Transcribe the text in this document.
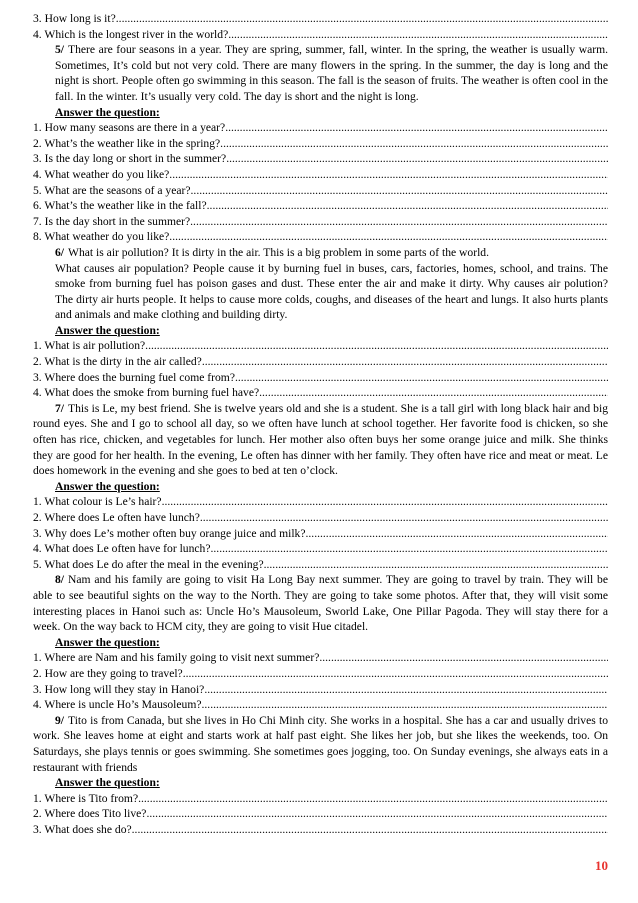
3. How long is it? .....
4. Which is the longest river in the world? .....
5/ There are four seasons in a year. They are spring, summer, fall, winter. In the spring, the weather is usually warm. Sometimes, It’s cold but not very cold. There are many flowers in the spring. In the summer, the day is long and the night is short. People often go swimming in this season. The fall is the season of fruits. The weather is often cool in the fall. In the winter. It’s usually very cold. The day is short and the night is long.
Answer the question:
1. How many seasons are there in a year? .....
2. What’s the weather like in the spring? .....
3. Is the day long or short in the summer? .....
4. What weather do you like? .....
5. What are the seasons of a year? .....
6. What’s the weather like in the fall? .....
7. Is the day short in the summer? .....
8. What weather do you like? .....
6/ What is air pollution? It is dirty in the air. This is a big problem in some parts of the world.
What causes air population? People cause it by burning fuel in buses, cars, factories, homes, school, and trains. The smoke from burning fuel has poison gases and dust. These enter the air and make it dirty. Why causes air polution? The dirty air hurts people. It helps to cause more colds, coughs, and diseases of the heart and lungs. It also hurts plants and animals and make clothing and building dirty.
Answer the question:
1. What is air pollution? .....
2. What is the dirty in the air called? .....
3. Where does the burning fuel come from? .....
4. What does the smoke from burning fuel have? .....
7/ This is Le, my best friend. She is twelve years old and she is a student. She is a tall girl with long black hair and big round eyes. She and I go to school all day, so we often have lunch at school together. Her favorite food is chicken, so she often has rice, chicken, and vegetables for lunch. Her mother also often buys her some orange juice and milk. She thinks they are good for her health. In the evening, Le often has dinner with her family. They often have rice and meat or meat. Le does homework in the evening and she goes to bed at ten o’clock.
Answer the question:
1. What colour is Le’s hair? .....
2. Where does Le often have lunch? .....
3. Why does Le’s mother often buy orange juice and milk? .....
4. What does Le often have for lunch? .....
5. What does Le do after the meal in the evening? .....
8/ Nam and his family are going to visit Ha Long Bay next summer. They are going to travel by train. They will be able to see beautiful sights on the way to the North. They are going to take some photos. After that, they will visit some interesting places in Hanoi such as: Uncle Ho’s Mausoleum, Sworld Lake, One Pillar Pagoda. They will stay there for a week. On the way back to HCM city, they are going to visit Hue citadel.
Answer the question:
1. Where are Nam and his family going to visit next summer? .....
2. How are they going to travel? .....
3. How long will they stay in Hanoi? .....
4. Where is uncle Ho’s Mausoleum? .....
9/ Tito is from Canada, but she lives in Ho Chi Minh city. She works in a hospital. She has a car and usually drives to work. She leaves home at eight and starts work at half past eight. She likes her job, but she likes the weekends, too. On Saturdays, she plays tennis or goes swimming. She sometimes goes jogging, too. On Sunday evenings, she always eats in a restaurant with friends
Answer the question:
1. Where is Tito from? .....
2. Where does Tito live? .....
3. What does she do? .....
10
